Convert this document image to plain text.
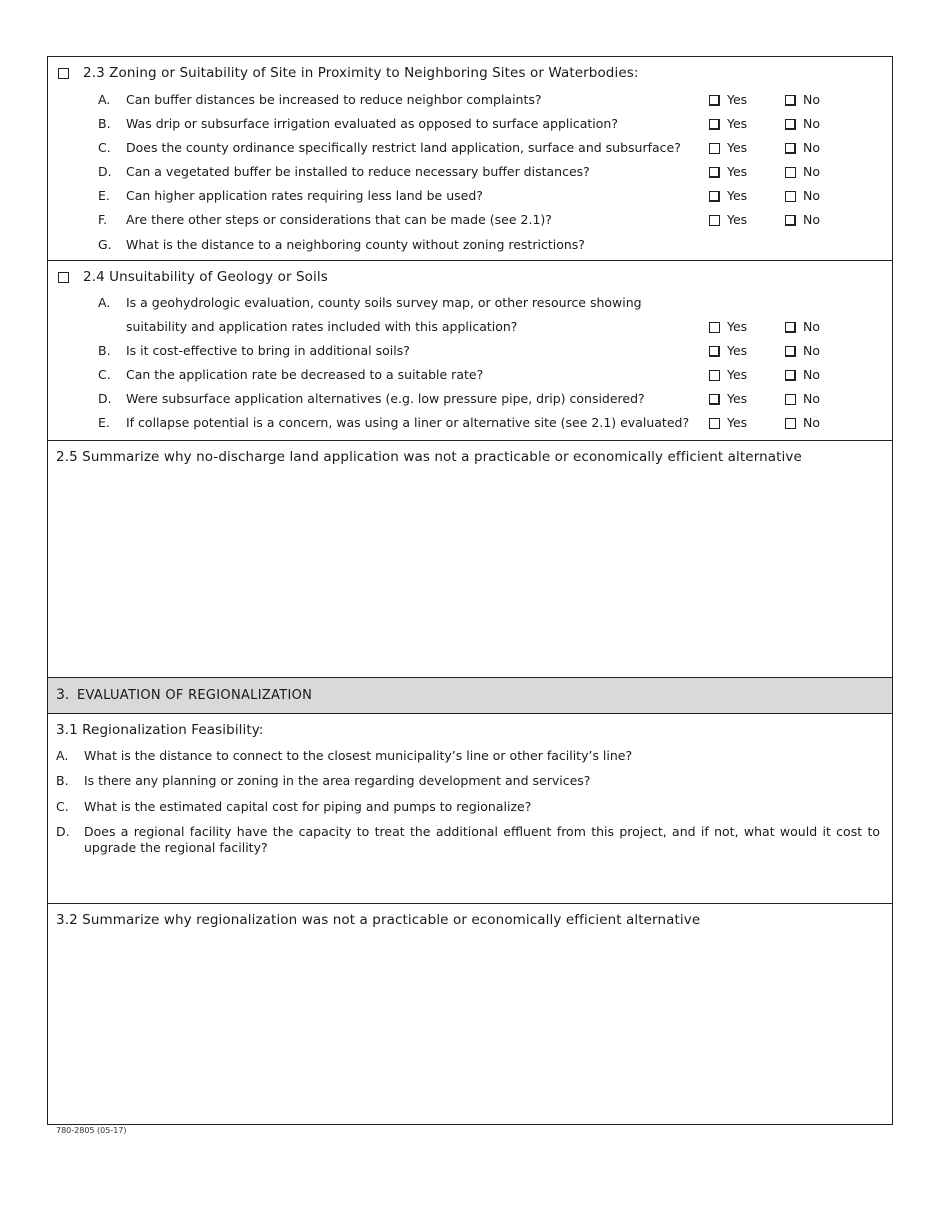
2.3 Zoning or Suitability of Site in Proximity to Neighboring Sites or Waterbodies:
A. Can buffer distances be increased to reduce neighbor complaints?	Yes	No
B. Was drip or subsurface irrigation evaluated as opposed to surface application?	Yes	No
C. Does the county ordinance specifically restrict land application, surface and subsurface?	Yes	No
D. Can a vegetated buffer be installed to reduce necessary buffer distances?	Yes	No
E. Can higher application rates requiring less land be used?	Yes	No
F. Are there other steps or considerations that can be made (see 2.1)?	Yes	No
G. What is the distance to a neighboring county without zoning restrictions?
2.4 Unsuitability of Geology or Soils
A. Is a geohydrologic evaluation, county soils survey map, or other resource showing
suitability and application rates included with this application?	Yes	No
B. Is it cost-effective to bring in additional soils?	Yes	No
C. Can the application rate be decreased to a suitable rate?	Yes	No
D. Were subsurface application alternatives (e.g. low pressure pipe, drip) considered?	Yes	No
E. If collapse potential is a concern, was using a liner or alternative site (see 2.1) evaluated?	Yes	No
2.5 Summarize why no-discharge land application was not a practicable or economically efficient alternative
3. EVALUATION OF REGIONALIZATION
3.1 Regionalization Feasibility:
A. What is the distance to connect to the closest municipality’s line or other facility’s line?
B. Is there any planning or zoning in the area regarding development and services?
C. What is the estimated capital cost for piping and pumps to regionalize?
D. Does a regional facility have the capacity to treat the additional effluent from this project, and if not, what would it cost to upgrade the regional facility?
3.2 Summarize why regionalization was not a practicable or economically efficient alternative
780-2805 (05-17)
